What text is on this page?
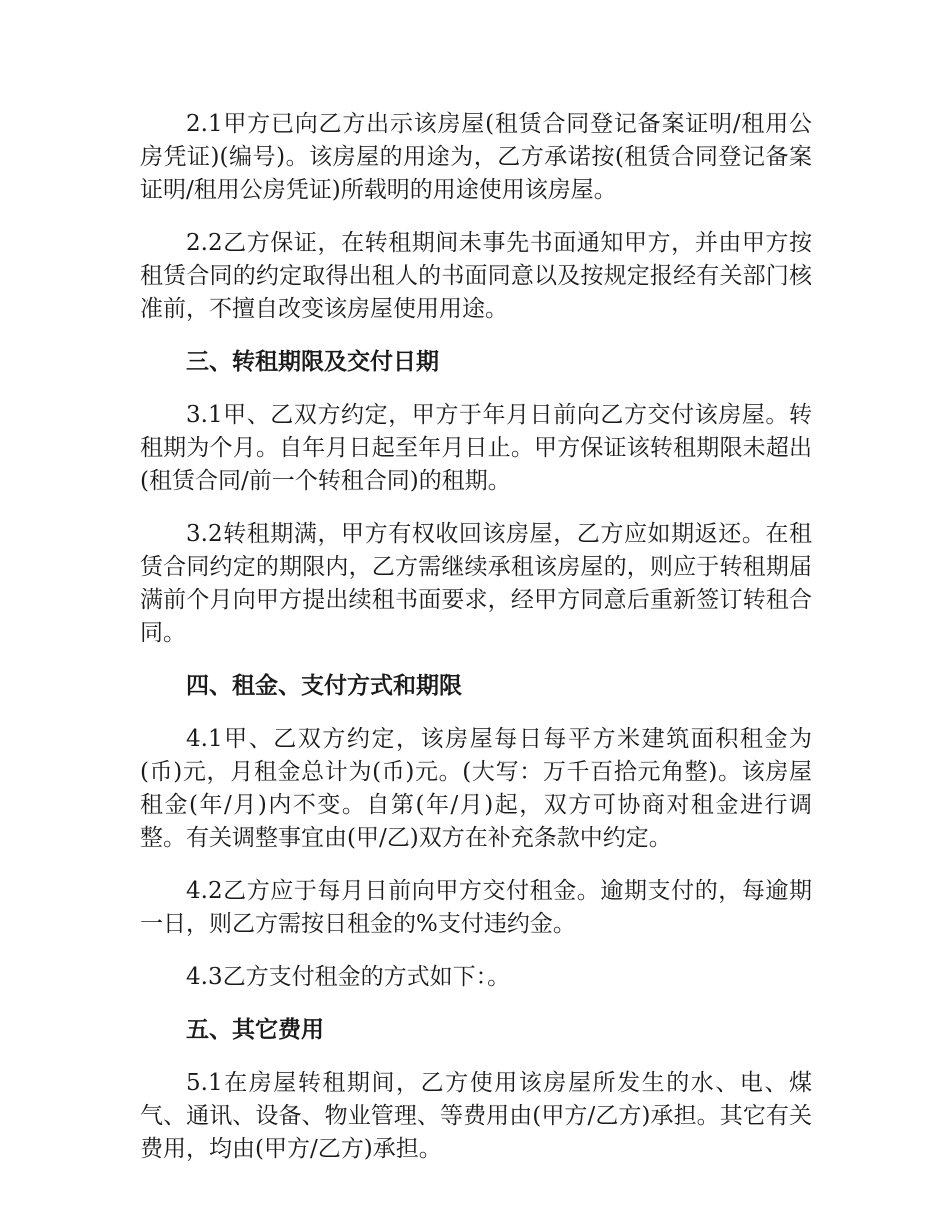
2.1甲方已向乙方出示该房屋(租赁合同登记备案证明/租用公房凭证)(编号)。该房屋的用途为，乙方承诺按(租赁合同登记备案证明/租用公房凭证)所载明的用途使用该房屋。

2.2乙方保证，在转租期间未事先书面通知甲方，并由甲方按租赁合同的约定取得出租人的书面同意以及按规定报经有关部门核准前，不擅自改变该房屋使用用途。

三、转租期限及交付日期

3.1甲、乙双方约定，甲方于年月日前向乙方交付该房屋。转租期为个月。自年月日起至年月日止。甲方保证该转租期限未超出(租赁合同/前一个转租合同)的租期。

3.2转租期满，甲方有权收回该房屋，乙方应如期返还。在租赁合同约定的期限内，乙方需继续承租该房屋的，则应于转租期届满前个月向甲方提出续租书面要求，经甲方同意后重新签订转租合同。

四、租金、支付方式和期限

4.1甲、乙双方约定，该房屋每日每平方米建筑面积租金为(币)元，月租金总计为(币)元。(大写：万千百拾元角整)。该房屋租金(年/月)内不变。自第(年/月)起，双方可协商对租金进行调整。有关调整事宜由(甲/乙)双方在补充条款中约定。

4.2乙方应于每月日前向甲方交付租金。逾期支付的，每逾期一日，则乙方需按日租金的%支付违约金。

4.3乙方支付租金的方式如下：。

五、其它费用

5.1在房屋转租期间，乙方使用该房屋所发生的水、电、煤气、通讯、设备、物业管理、等费用由(甲方/乙方)承担。其它有关费用，均由(甲方/乙方)承担。
